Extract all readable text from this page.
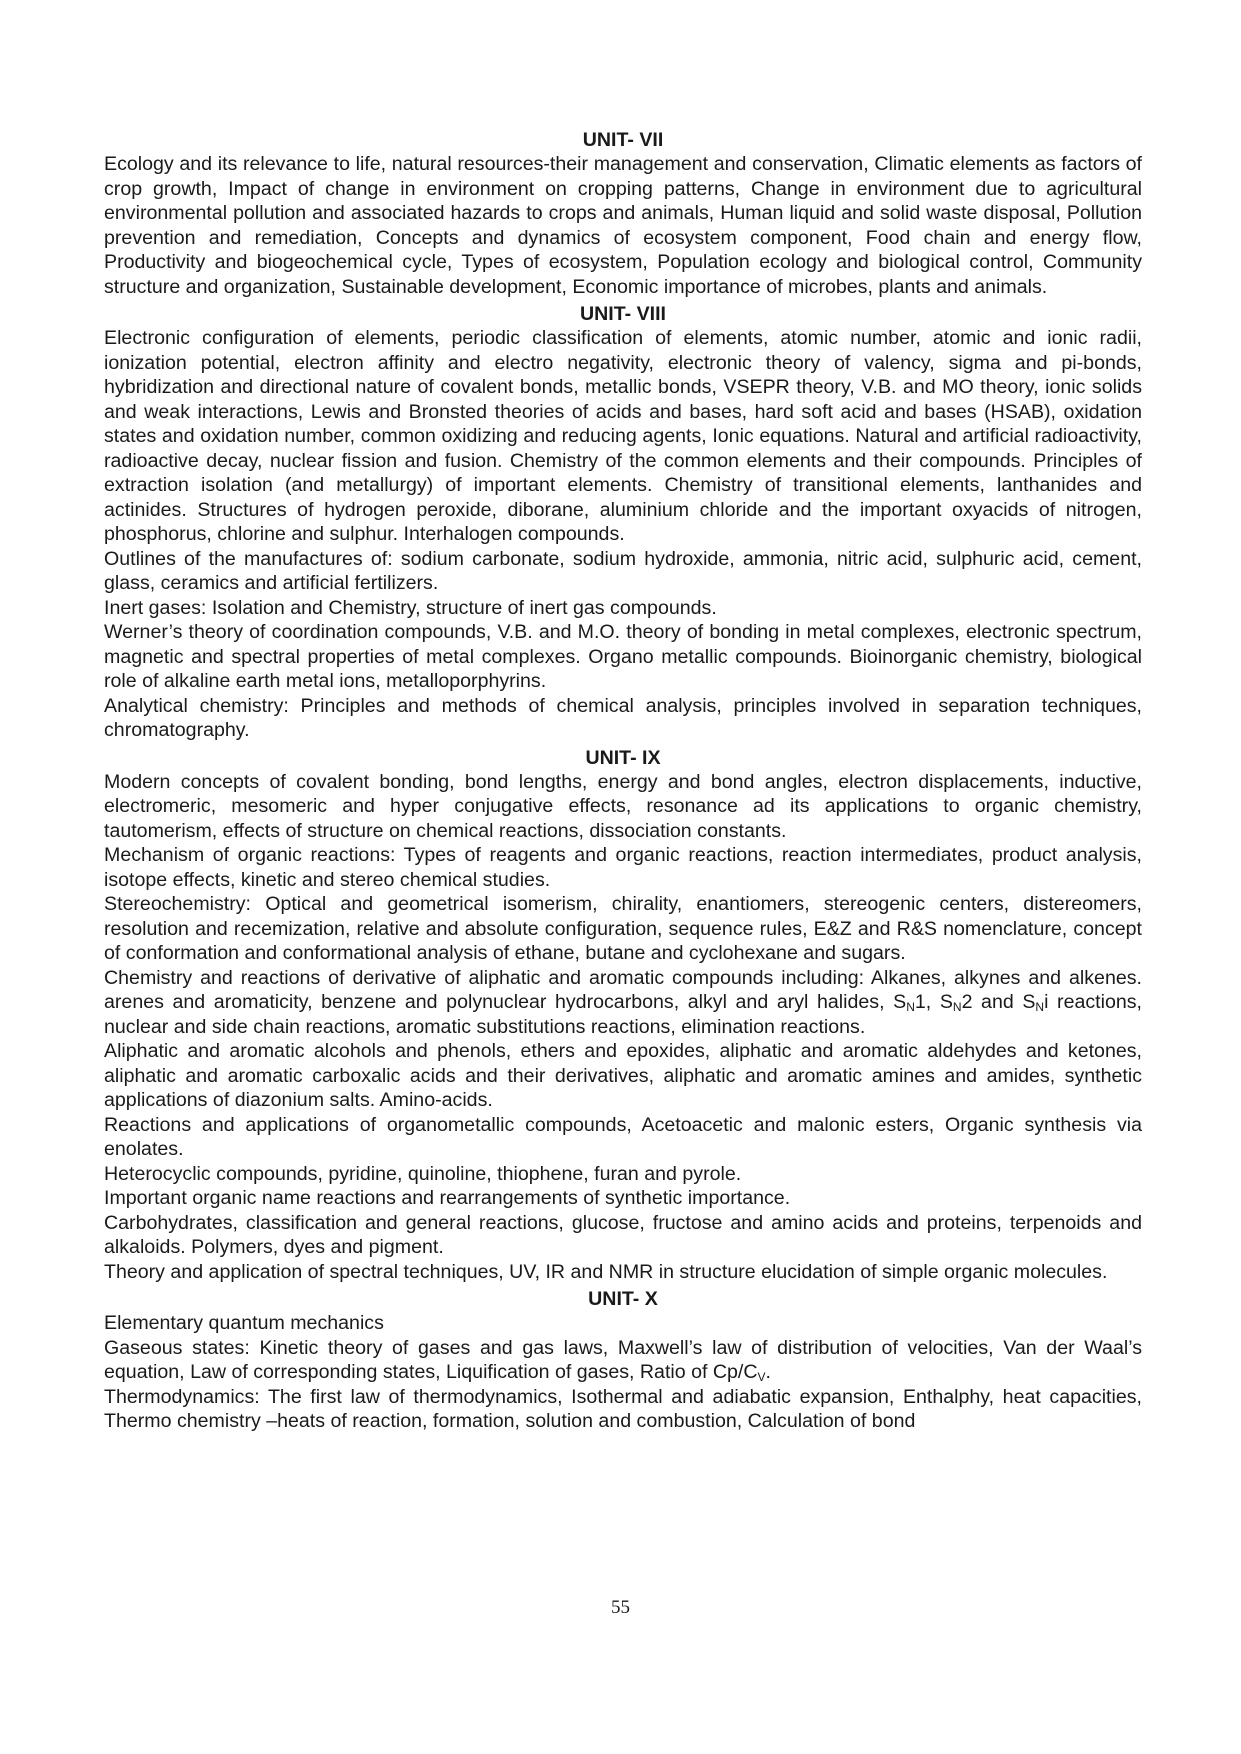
UNIT- VII

Ecology and its relevance to life, natural resources-their management and conservation, Climatic elements as factors of crop growth, Impact of change in environment on cropping patterns, Change in environment due to agricultural environmental pollution and associated hazards to crops and animals, Human liquid and solid waste disposal, Pollution prevention and remediation, Concepts and dynamics of ecosystem component, Food chain and energy flow, Productivity and biogeochemical cycle, Types of ecosystem, Population ecology and biological control, Community structure and organization, Sustainable development, Economic importance of microbes, plants and animals.

UNIT- VIII

Electronic configuration of elements, periodic classification of elements, atomic number, atomic and ionic radii, ionization potential, electron affinity and electro negativity, electronic theory of valency, sigma and pi-bonds, hybridization and directional nature of covalent bonds, metallic bonds, VSEPR theory, V.B. and MO theory, ionic solids and weak interactions, Lewis and Bronsted theories of acids and bases, hard soft acid and bases (HSAB), oxidation states and oxidation number, common oxidizing and reducing agents, Ionic equations. Natural and artificial radioactivity, radioactive decay, nuclear fission and fusion. Chemistry of the common elements and their compounds. Principles of extraction isolation (and metallurgy) of important elements. Chemistry of transitional elements, lanthanides and actinides. Structures of hydrogen peroxide, diborane, aluminium chloride and the important oxyacids of nitrogen, phosphorus, chlorine and sulphur. Interhalogen compounds.

Outlines of the manufactures of: sodium carbonate, sodium hydroxide, ammonia, nitric acid, sulphuric acid, cement, glass, ceramics and artificial fertilizers.

Inert gases: Isolation and Chemistry, structure of inert gas compounds.

Werner’s theory of coordination compounds, V.B. and M.O. theory of bonding in metal complexes, electronic spectrum, magnetic and spectral properties of metal complexes. Organo metallic compounds. Bioinorganic chemistry, biological role of alkaline earth metal ions, metalloporphyrins.

Analytical chemistry: Principles and methods of chemical analysis, principles involved in separation techniques, chromatography.

UNIT- IX

Modern concepts of covalent bonding, bond lengths, energy and bond angles, electron displacements, inductive, electromeric, mesomeric and hyper conjugative effects, resonance ad its applications to organic chemistry, tautomerism, effects of structure on chemical reactions, dissociation constants.

Mechanism of organic reactions: Types of reagents and organic reactions, reaction intermediates, product analysis, isotope effects, kinetic and stereo chemical studies.

Stereochemistry: Optical and geometrical isomerism, chirality, enantiomers, stereogenic centers, distereomers, resolution and recemization, relative and absolute configuration, sequence rules, E&Z and R&S nomenclature, concept of conformation and conformational analysis of ethane, butane and cyclohexane and sugars.

Chemistry and reactions of derivative of aliphatic and aromatic compounds including: Alkanes, alkynes and alkenes. arenes and aromaticity, benzene and polynuclear hydrocarbons, alkyl and aryl halides, $S_N1$, $S_N2$ and $S_Ni$ reactions, nuclear and side chain reactions, aromatic substitutions reactions, elimination reactions.

Aliphatic and aromatic alcohols and phenols, ethers and epoxides, aliphatic and aromatic aldehydes and ketones, aliphatic and aromatic carboxalic acids and their derivatives, aliphatic and aromatic amines and amides, synthetic applications of diazonium salts. Amino-acids.

Reactions and applications of organometallic compounds, Acetoacetic and malonic esters, Organic synthesis via enolates.

Heterocyclic compounds, pyridine, quinoline, thiophene, furan and pyrole.

Important organic name reactions and rearrangements of synthetic importance.

Carbohydrates, classification and general reactions, glucose, fructose and amino acids and proteins, terpenoids and alkaloids. Polymers, dyes and pigment.

Theory and application of spectral techniques, UV, IR and NMR in structure elucidation of simple organic molecules.

UNIT- X

Elementary quantum mechanics

Gaseous states: Kinetic theory of gases and gas laws, Maxwell’s law of distribution of velocities, Van der Waal’s equation, Law of corresponding states, Liquification of gases, Ratio of $Cp/C_V$.

Thermodynamics: The first law of thermodynamics, Isothermal and adiabatic expansion, Enthalphy, heat capacities, Thermo chemistry –heats of reaction, formation, solution and combustion, Calculation of bond

55
